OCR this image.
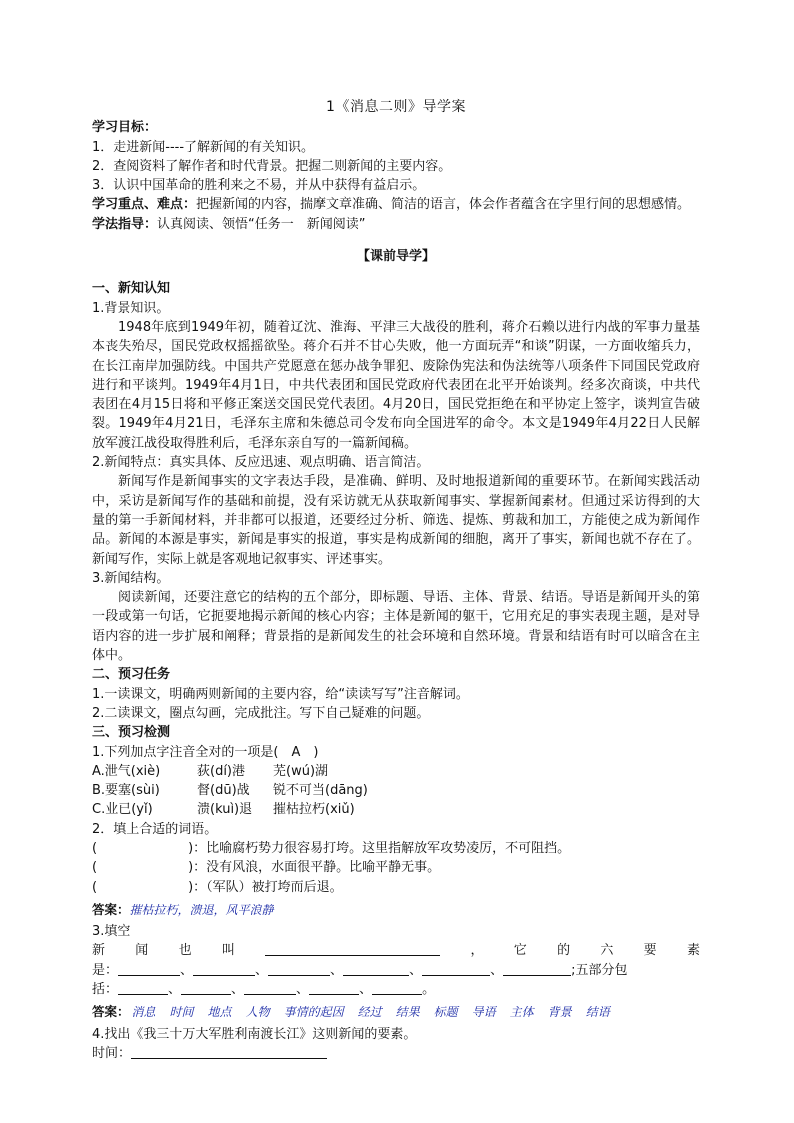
1《消息二则》导学案

学习目标：

1．走进新闻----了解新闻的有关知识。

2．查阅资料了解作者和时代背景。把握二则新闻的主要内容。

3．认识中国革命的胜利来之不易，并从中获得有益启示。

学习重点、难点：把握新闻的内容，揣摩文章准确、简洁的语言，体会作者蕴含在字里行间的思想感情。

学法指导：认真阅读、领悟“任务一　新闻阅读”

【课前导学】

一、新知认知

1.背景知识。

1948年底到1949年初，随着辽沈、淮海、平津三大战役的胜利，蒋介石赖以进行内战的军事力量基本丧失殆尽，国民党政权摇摇欲坠。蒋介石并不甘心失败，他一方面玩弄“和谈”阴谋，一方面收缩兵力，在长江南岸加强防线。中国共产党愿意在惩办战争罪犯、废除伪宪法和伪法统等八项条件下同国民党政府进行和平谈判。1949年4月1日，中共代表团和国民党政府代表团在北平开始谈判。经多次商谈，中共代表团在4月15日将和平修正案送交国民党代表团。4月20日，国民党拒绝在和平协定上签字，谈判宣告破裂。1949年4月21日，毛泽东主席和朱德总司令发布向全国进军的命令。本文是1949年4月22日人民解放军渡江战役取得胜利后，毛泽东亲自写的一篇新闻稿。

2.新闻特点：真实具体、反应迅速、观点明确、语言简洁。

新闻写作是新闻事实的文字表达手段，是准确、鲜明、及时地报道新闻的重要环节。在新闻实践活动中，采访是新闻写作的基础和前提，没有采访就无从获取新闻事实、掌握新闻素材。但通过采访得到的大量的第一手新闻材料，并非都可以报道，还要经过分析、筛选、提炼、剪裁和加工，方能使之成为新闻作品。新闻的本源是事实，新闻是事实的报道，事实是构成新闻的细胞，离开了事实，新闻也就不存在了。新闻写作，实际上就是客观地记叙事实、评述事实。

3.新闻结构。

阅读新闻，还要注意它的结构的五个部分，即标题、导语、主体、背景、结语。导语是新闻开头的第一段或第一句话，它扼要地揭示新闻的核心内容；主体是新闻的躯干，它用充足的事实表现主题，是对导语内容的进一步扩展和阐释；背景指的是新闻发生的社会环境和自然环境。背景和结语有时可以暗含在主体中。

二、预习任务

1.一读课文，明确两则新闻的主要内容，给“读读写写”注音解词。

2.二读课文，圈点勾画，完成批注。写下自己疑难的问题。

三、预习检测

1.下列加点字注音全对的一项是(　A　)

A.泄气(xiè)	荻(dí)港	芜(wú)湖
B.要塞(sùi)	督(dū)战	锐不可当(dāng)
C.业已(yǐ)	溃(kuì)退	摧枯拉朽(xiǔ)

2．填上合适的词语。

(　　　　　　　)：比喻腐朽势力很容易打垮。这里指解放军攻势凌厉，不可阻挡。

(　　　　　　　)：没有风浪，水面很平静。比喻平静无事。

(　　　　　　　)：（军队）被打垮而后退。

答案：摧枯拉朽，溃退，风平浪静

3.填空

新 闻 也 叫	， 它 的 六 要 素

是：	、	、	、	、	、	;五部分包

括：	、	、	、	、	。

答案： 消息 时间 地点 人物 事情的起因 经过 结果 标题 导语 主体 背景 结语

4.找出《我三十万大军胜利南渡长江》这则新闻的要素。

时间：
